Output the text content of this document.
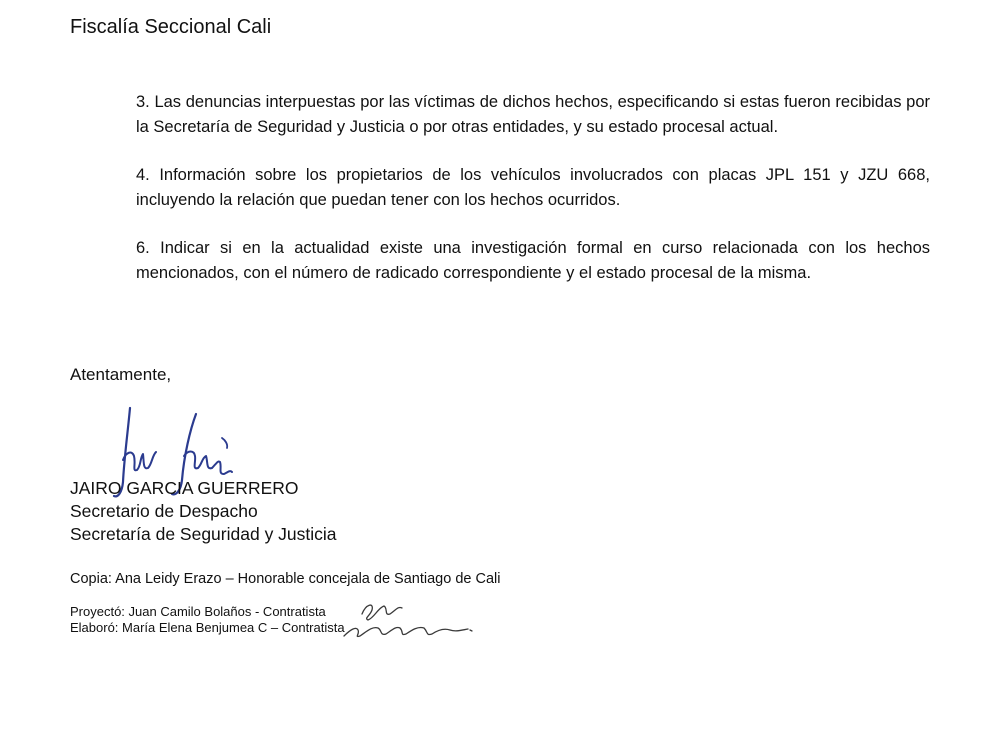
Fiscalía Seccional Cali

3. Las denuncias interpuestas por las víctimas de dichos hechos, especificando si estas fueron recibidas por la Secretaría de Seguridad y Justicia o por otras entidades, y su estado procesal actual.

4. Información sobre los propietarios de los vehículos involucrados con placas JPL 151 y JZU 668, incluyendo la relación que puedan tener con los hechos ocurridos.

6. Indicar si en la actualidad existe una investigación formal en curso relacionada con los hechos mencionados, con el número de radicado correspondiente y el estado procesal de la misma.

Atentamente,
JAIRO GARCIA GUERRERO
Secretario de Despacho
Secretaría de Seguridad y Justicia
Copia: Ana Leidy Erazo – Honorable concejala de Santiago de Cali
Proyectó: Juan Camilo Bolaños - Contratista
Elaboró: María Elena Benjumea C – Contratista
